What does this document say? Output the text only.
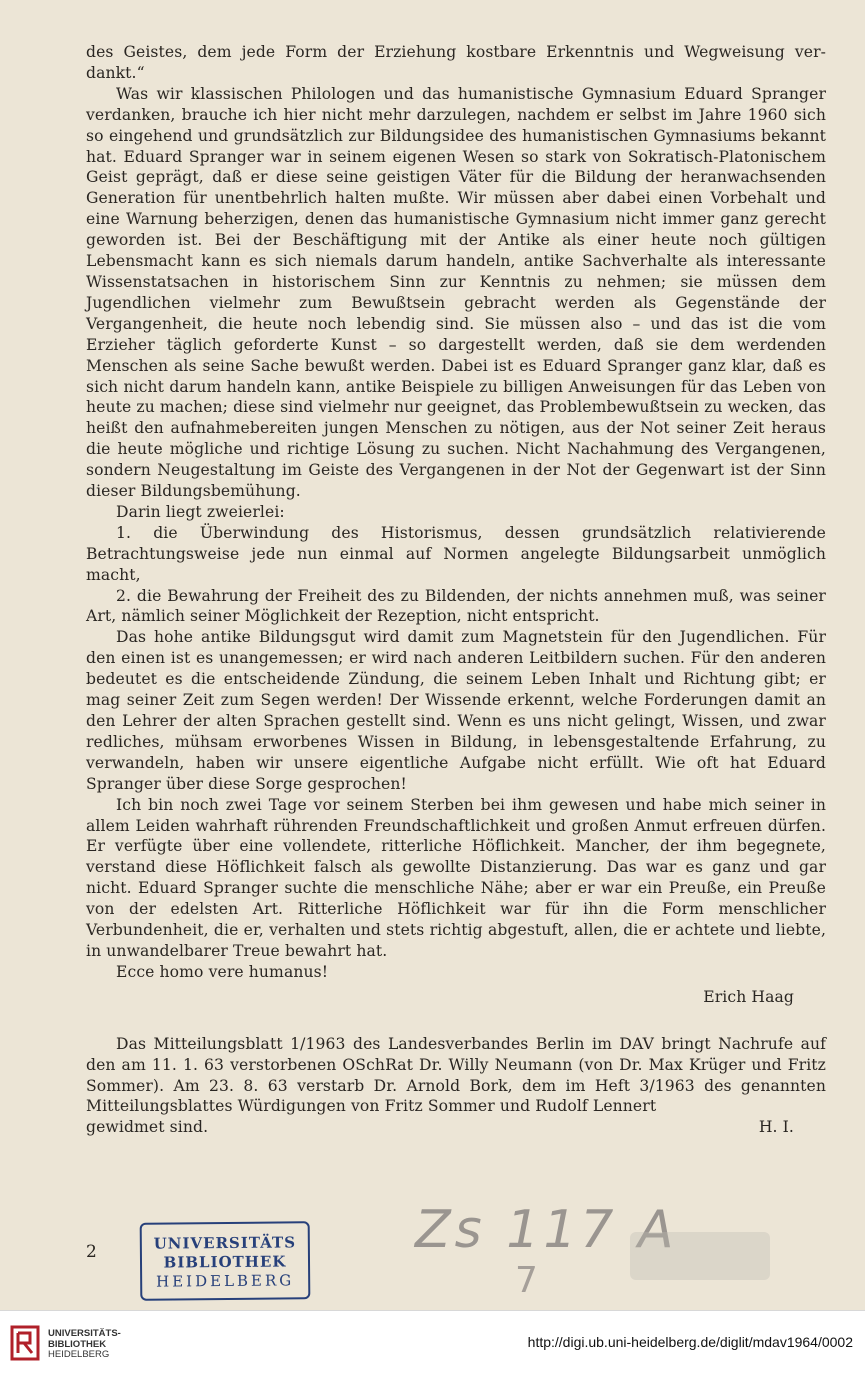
des Geistes, dem jede Form der Erziehung kostbare Erkenntnis und Wegweisung ver-dankt.“

Was wir klassischen Philologen und das humanistische Gymnasium Eduard Spranger verdanken, brauche ich hier nicht mehr darzulegen, nachdem er selbst im Jahre 1960 sich so eingehend und grundsätzlich zur Bildungsidee des humanistischen Gymnasiums bekannt hat. Eduard Spranger war in seinem eigenen Wesen so stark von Sokratisch-Platonischem Geist geprägt, daß er diese seine geistigen Väter für die Bildung der heranwachsenden Generation für unentbehrlich halten mußte. Wir müssen aber dabei einen Vorbehalt und eine Warnung beherzigen, denen das humanistische Gymnasium nicht immer ganz gerecht geworden ist. Bei der Beschäftigung mit der Antike als einer heute noch gültigen Lebensmacht kann es sich niemals darum handeln, antike Sachverhalte als interessante Wissenstatsachen in historischem Sinn zur Kenntnis zu nehmen; sie müssen dem Jugendlichen vielmehr zum Bewußtsein gebracht werden als Gegenstände der Vergangenheit, die heute noch lebendig sind. Sie müssen also – und das ist die vom Erzieher täglich geforderte Kunst – so dargestellt werden, daß sie dem werdenden Menschen als seine Sache bewußt werden. Dabei ist es Eduard Spranger ganz klar, daß es sich nicht darum handeln kann, antike Beispiele zu billigen Anweisungen für das Leben von heute zu machen; diese sind vielmehr nur geeignet, das Problembewußtsein zu wecken, das heißt den aufnahmebereiten jungen Menschen zu nötigen, aus der Not seiner Zeit heraus die heute mögliche und richtige Lösung zu suchen. Nicht Nachahmung des Vergangenen, sondern Neugestaltung im Geiste des Vergangenen in der Not der Gegenwart ist der Sinn dieser Bildungsbemühung.

Darin liegt zweierlei:

1. die Überwindung des Historismus, dessen grundsätzlich relativierende Betrachtungsweise jede nun einmal auf Normen angelegte Bildungsarbeit unmöglich macht,

2. die Bewahrung der Freiheit des zu Bildenden, der nichts annehmen muß, was seiner Art, nämlich seiner Möglichkeit der Rezeption, nicht entspricht.

Das hohe antike Bildungsgut wird damit zum Magnetstein für den Jugendlichen. Für den einen ist es unangemessen; er wird nach anderen Leitbildern suchen. Für den anderen bedeutet es die entscheidende Zündung, die seinem Leben Inhalt und Richtung gibt; er mag seiner Zeit zum Segen werden! Der Wissende erkennt, welche Forderungen damit an den Lehrer der alten Sprachen gestellt sind. Wenn es uns nicht gelingt, Wissen, und zwar redliches, mühsam erworbenes Wissen in Bildung, in lebensgestaltende Erfahrung, zu verwandeln, haben wir unsere eigentliche Aufgabe nicht erfüllt. Wie oft hat Eduard Spranger über diese Sorge gesprochen!

Ich bin noch zwei Tage vor seinem Sterben bei ihm gewesen und habe mich seiner in allem Leiden wahrhaft rührenden Freundschaftlichkeit und großen Anmut erfreuen dürfen. Er verfügte über eine vollendete, ritterliche Höflichkeit. Mancher, der ihm begegnete, verstand diese Höflichkeit falsch als gewollte Distanzierung. Das war es ganz und gar nicht. Eduard Spranger suchte die menschliche Nähe; aber er war ein Preuße, ein Preuße von der edelsten Art. Ritterliche Höflichkeit war für ihn die Form menschlicher Verbundenheit, die er, verhalten und stets richtig abgestuft, allen, die er achtete und liebte, in unwandelbarer Treue bewahrt hat.

Ecce homo vere humanus!

Erich Haag

Das Mitteilungsblatt 1/1963 des Landesverbandes Berlin im DAV bringt Nachrufe auf den am 11. 1. 63 verstorbenen OSchRat Dr. Willy Neumann (von Dr. Max Krüger und Fritz Sommer). Am 23. 8. 63 verstarb Dr. Arnold Bork, dem im Heft 3/1963 des genannten Mitteilungsblattes Würdigungen von Fritz Sommer und Rudolf Lennert

gewidmet sind.	H. I.
2	UNIVERSITÄTS
BIBLIOTHEK
HEIDELBERG
Zs 117 A
7
UNIVERSITÄTS-
BIBLIOTHEK
HEIDELBERG
http://digi.ub.uni-heidelberg.de/diglit/mdav1964/0002
